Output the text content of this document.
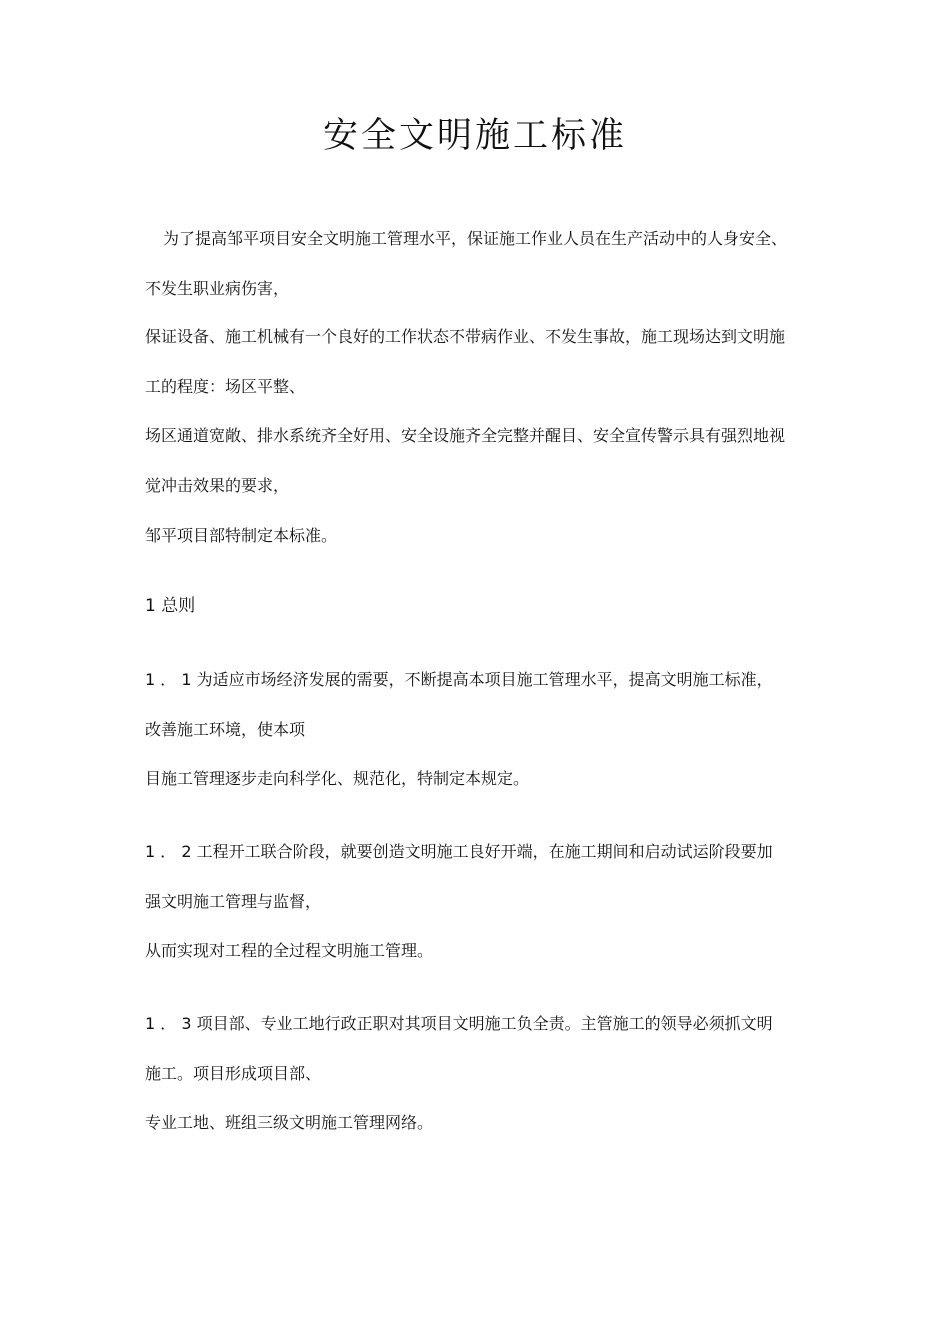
安全文明施工标准
为了提高邹平项目安全文明施工管理水平，保证施工作业人员在生产活动中的人身安全、
不发生职业病伤害，
保证设备、施工机械有一个良好的工作状态不带病作业、不发生事故，施工现场达到文明施
工的程度：场区平整、
场区通道宽敞、排水系统齐全好用、安全设施齐全完整并醒目、安全宣传警示具有强烈地视
觉冲击效果的要求，
邹平项目部特制定本标准。
1 总则
1 ． 1 为适应市场经济发展的需要，不断提高本项目施工管理水平，提高文明施工标准，
改善施工环境，使本项
目施工管理逐步走向科学化、规范化，特制定本规定。
1 ． 2 工程开工联合阶段，就要创造文明施工良好开端，在施工期间和启动试运阶段要加
强文明施工管理与监督，
从而实现对工程的全过程文明施工管理。
1 ． 3 项目部、专业工地行政正职对其项目文明施工负全责。主管施工的领导必须抓文明
施工。项目形成项目部、
专业工地、班组三级文明施工管理网络。
